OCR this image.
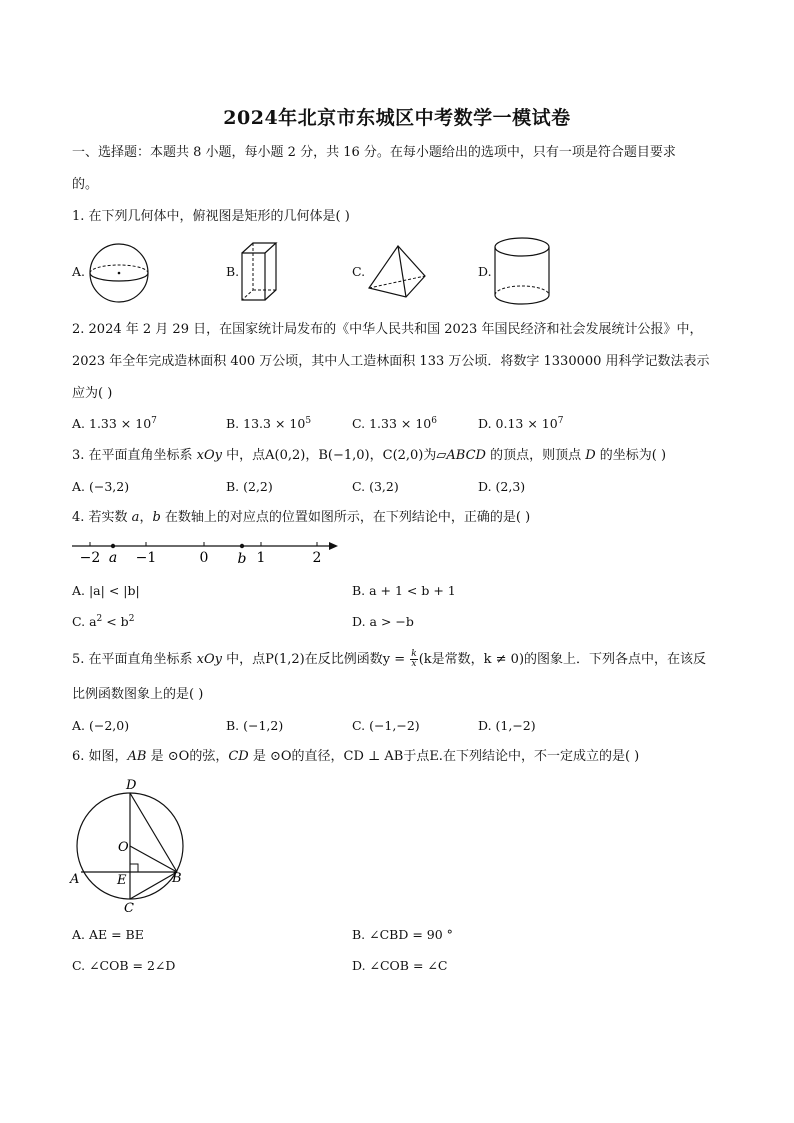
2024年北京市东城区中考数学一模试卷
一、选择题：本题共 8 小题，每小题 2 分，共 16 分。在每小题给出的选项中，只有一项是符合题目要求
的。
1. 在下列几何体中，俯视图是矩形的几何体是( )
A.	B.	C.	D.
2. 2024 年 2 月 29 日，在国家统计局发布的《中华人民共和国 2023 年国民经济和社会发展统计公报》中，
2023 年全年完成造林面积 400 万公顷，其中人工造林面积 133 万公顷．将数字 1330000 用科学记数法表示
应为( )
A. $1.33 \times 10^7$	B. $13.3 \times 10^5$	C. $1.33 \times 10^6$	D. $0.13 \times 10^7$
3. 在平面直角坐标系 xOy 中，点A(0,2)，B(−1,0)，C(2,0)为▱ABCD 的顶点，则顶点 D 的坐标为( )
A. (−3,2)	B. (2,2)	C. (3,2)	D. (2,3)
4. 若实数 a，b 在数轴上的对应点的位置如图所示，在下列结论中，正确的是( )
−2 a −1	0 b 1	2
A. |a| < |b|	B. a + 1 < b + 1
C. $a^2 < b^2$	D. a > −b
5. 在平面直角坐标系 xOy 中，点P(1,2)在反比例函数$y = \frac{k}{x} (k$是常数，k ≠ 0)的图象上．下列各点中，在该反
比例函数图象上的是( )
A. (−2,0)	B. (−1,2)	C. (−1,−2)	D. (1,−2)
6. 如图，AB 是 ⊙O的弦，CD 是 ⊙O的直径，CD ⊥ AB于点E.在下列结论中，不一定成立的是( )
D
O
A	E	B
C
A. AE = BE	B. ∠CBD = 90 °
C. ∠COB = 2∠D	D. ∠COB = ∠C
